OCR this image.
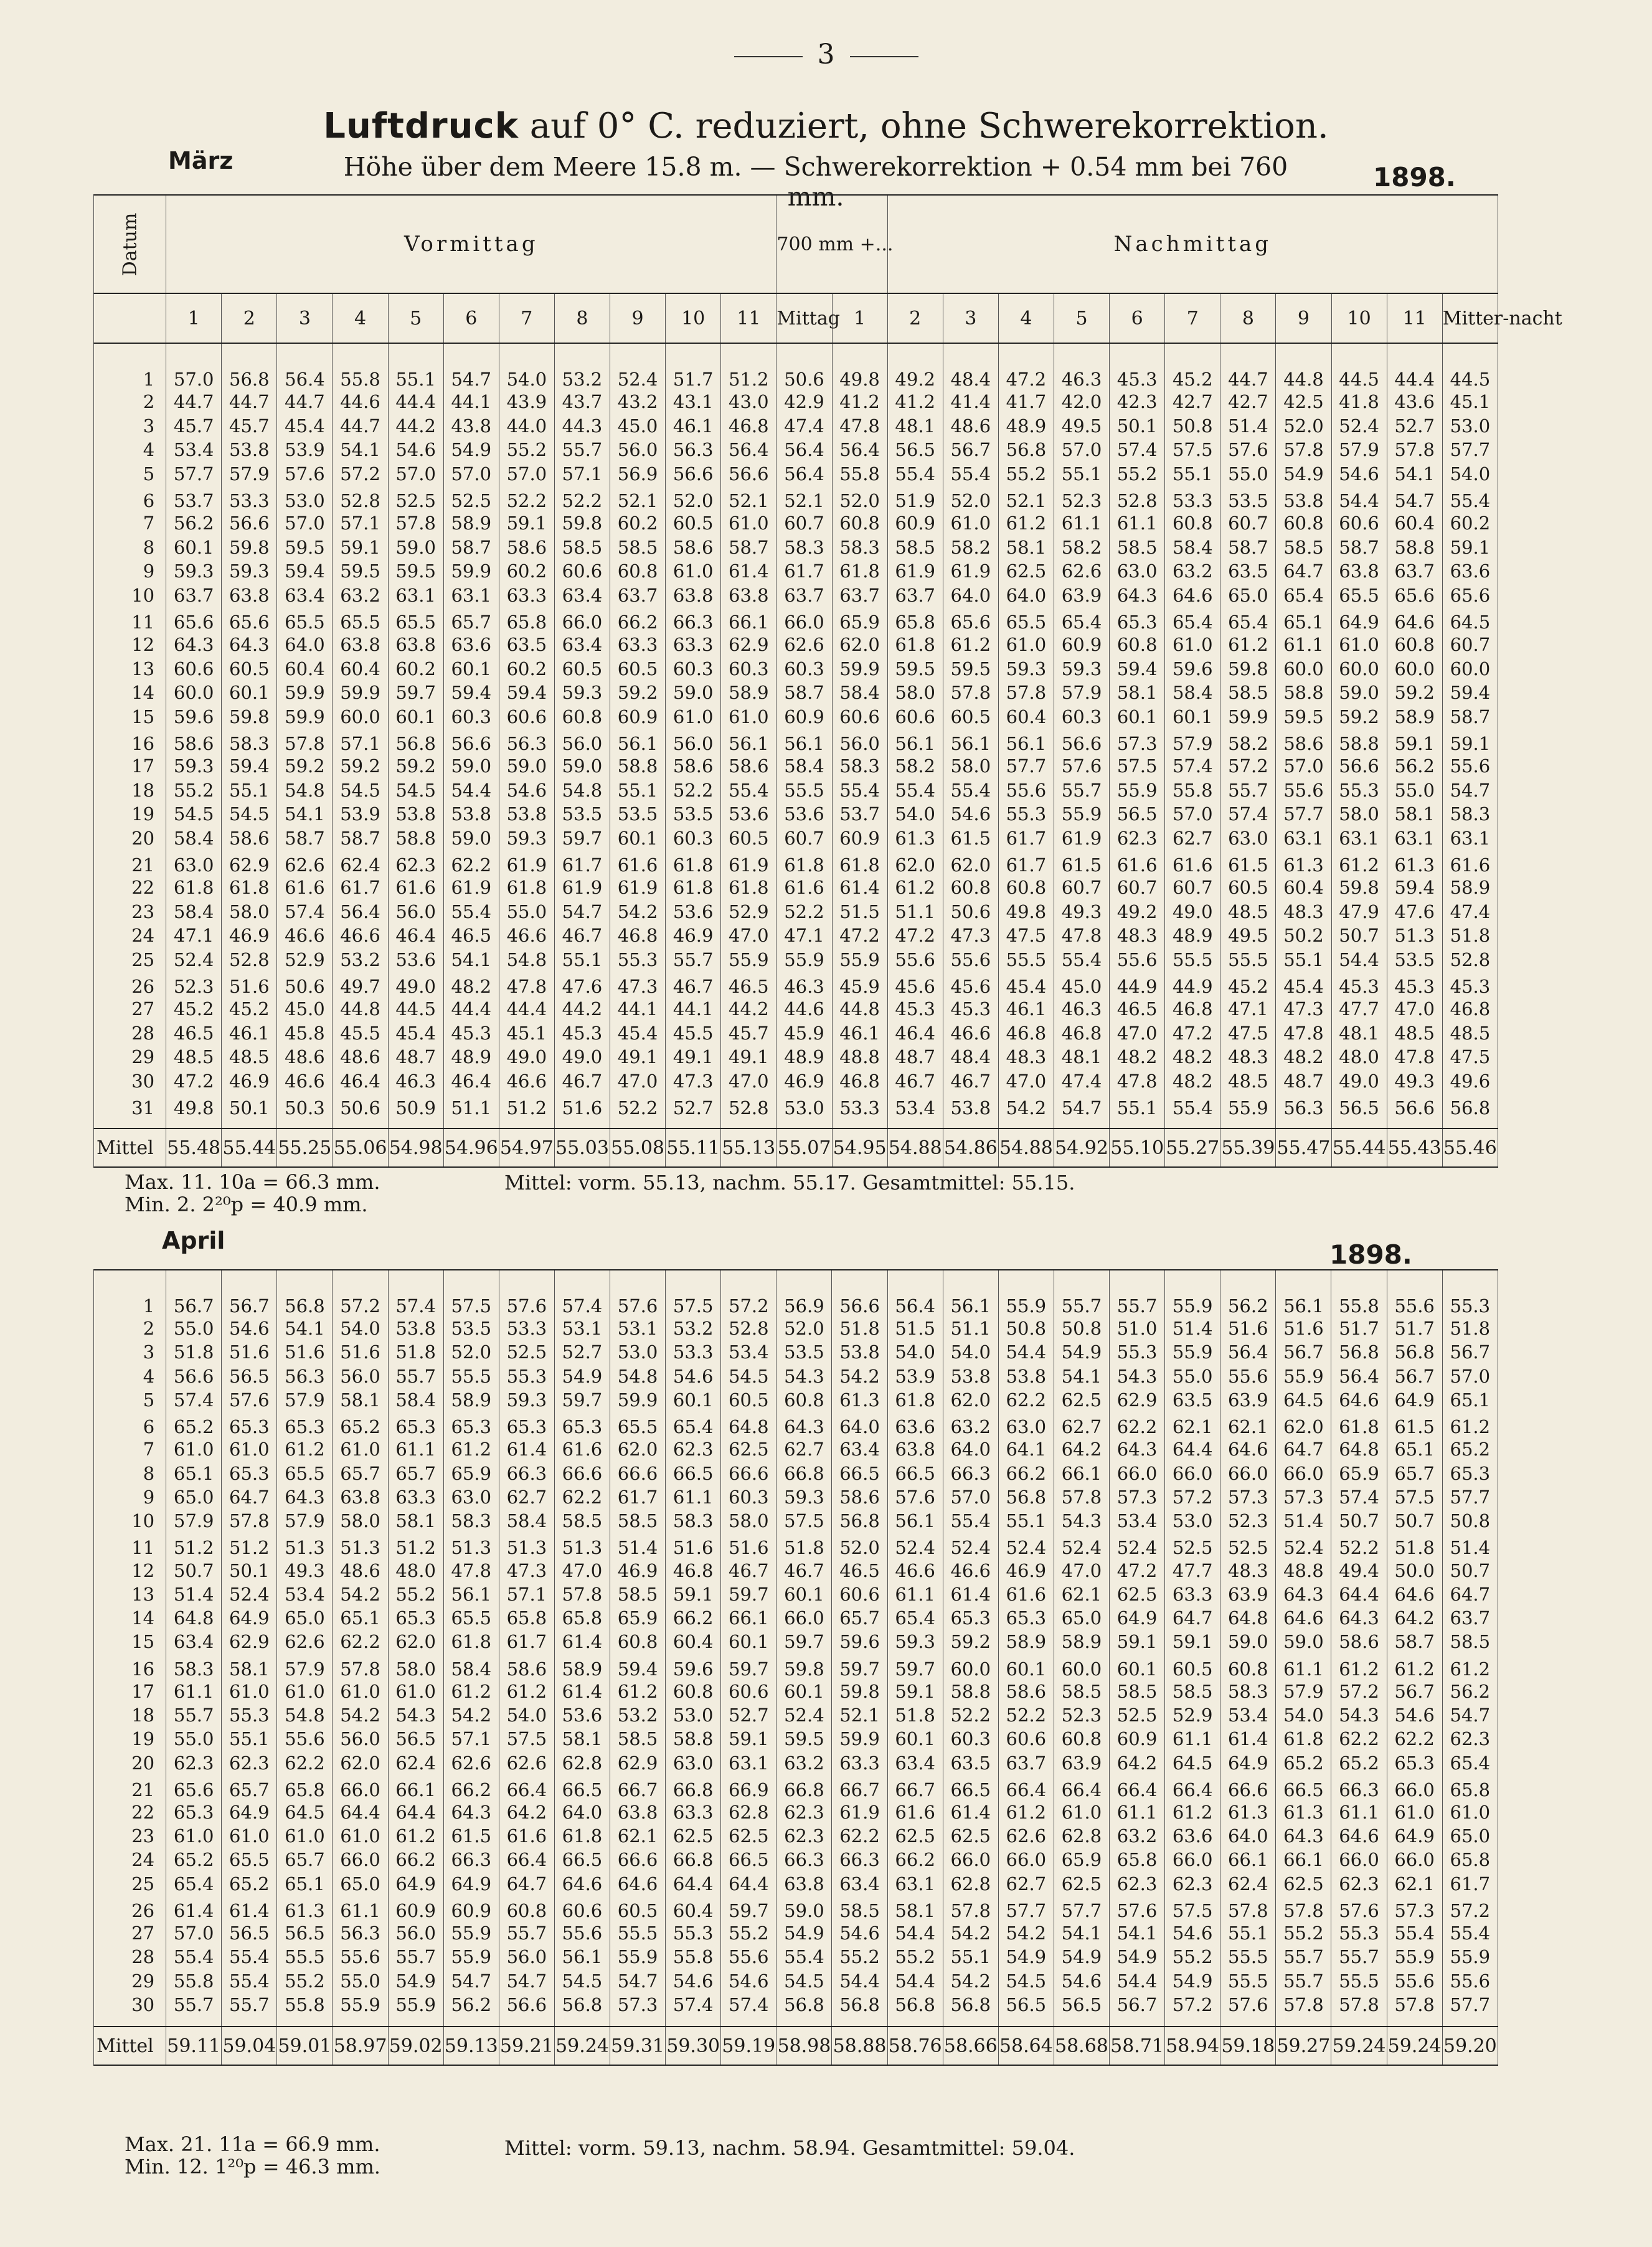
3
Luftdruck auf 0° C. reduziert, ohne Schwerekorrektion.
Höhe über dem Meere 15.8 m. — Schwerekorrektion + 0.54 mm bei 760 mm.
März
1898.
Datum	Vormittag											700 mm +...		Nachmittag										
	1	2	3	4	5	6	7	8	9	10	11	Mittag	1	2	3	4	5	6	7	8	9	10	11	Mitter-nacht
1	57.0	56.8	56.4	55.8	55.1	54.7	54.0	53.2	52.4	51.7	51.2	50.6	49.8	49.2	48.4	47.2	46.3	45.3	45.2	44.7	44.8	44.5	44.4	44.5
2	44.7	44.7	44.7	44.6	44.4	44.1	43.9	43.7	43.2	43.1	43.0	42.9	41.2	41.2	41.4	41.7	42.0	42.3	42.7	42.7	42.5	41.8	43.6	45.1
3	45.7	45.7	45.4	44.7	44.2	43.8	44.0	44.3	45.0	46.1	46.8	47.4	47.8	48.1	48.6	48.9	49.5	50.1	50.8	51.4	52.0	52.4	52.7	53.0
4	53.4	53.8	53.9	54.1	54.6	54.9	55.2	55.7	56.0	56.3	56.4	56.4	56.4	56.5	56.7	56.8	57.0	57.4	57.5	57.6	57.8	57.9	57.8	57.7
5	57.7	57.9	57.6	57.2	57.0	57.0	57.0	57.1	56.9	56.6	56.6	56.4	55.8	55.4	55.4	55.2	55.1	55.2	55.1	55.0	54.9	54.6	54.1	54.0
6	53.7	53.3	53.0	52.8	52.5	52.5	52.2	52.2	52.1	52.0	52.1	52.1	52.0	51.9	52.0	52.1	52.3	52.8	53.3	53.5	53.8	54.4	54.7	55.4
7	56.2	56.6	57.0	57.1	57.8	58.9	59.1	59.8	60.2	60.5	61.0	60.7	60.8	60.9	61.0	61.2	61.1	61.1	60.8	60.7	60.8	60.6	60.4	60.2
8	60.1	59.8	59.5	59.1	59.0	58.7	58.6	58.5	58.5	58.6	58.7	58.3	58.3	58.5	58.2	58.1	58.2	58.5	58.4	58.7	58.5	58.7	58.8	59.1
9	59.3	59.3	59.4	59.5	59.5	59.9	60.2	60.6	60.8	61.0	61.4	61.7	61.8	61.9	61.9	62.5	62.6	63.0	63.2	63.5	64.7	63.8	63.7	63.6
10	63.7	63.8	63.4	63.2	63.1	63.1	63.3	63.4	63.7	63.8	63.8	63.7	63.7	63.7	64.0	64.0	63.9	64.3	64.6	65.0	65.4	65.5	65.6	65.6
11	65.6	65.6	65.5	65.5	65.5	65.7	65.8	66.0	66.2	66.3	66.1	66.0	65.9	65.8	65.6	65.5	65.4	65.3	65.4	65.4	65.1	64.9	64.6	64.5
12	64.3	64.3	64.0	63.8	63.8	63.6	63.5	63.4	63.3	63.3	62.9	62.6	62.0	61.8	61.2	61.0	60.9	60.8	61.0	61.2	61.1	61.0	60.8	60.7
13	60.6	60.5	60.4	60.4	60.2	60.1	60.2	60.5	60.5	60.3	60.3	60.3	59.9	59.5	59.5	59.3	59.3	59.4	59.6	59.8	60.0	60.0	60.0	60.0
14	60.0	60.1	59.9	59.9	59.7	59.4	59.4	59.3	59.2	59.0	58.9	58.7	58.4	58.0	57.8	57.8	57.9	58.1	58.4	58.5	58.8	59.0	59.2	59.4
15	59.6	59.8	59.9	60.0	60.1	60.3	60.6	60.8	60.9	61.0	61.0	60.9	60.6	60.6	60.5	60.4	60.3	60.1	60.1	59.9	59.5	59.2	58.9	58.7
16	58.6	58.3	57.8	57.1	56.8	56.6	56.3	56.0	56.1	56.0	56.1	56.1	56.0	56.1	56.1	56.1	56.6	57.3	57.9	58.2	58.6	58.8	59.1	59.1
17	59.3	59.4	59.2	59.2	59.2	59.0	59.0	59.0	58.8	58.6	58.6	58.4	58.3	58.2	58.0	57.7	57.6	57.5	57.4	57.2	57.0	56.6	56.2	55.6
18	55.2	55.1	54.8	54.5	54.5	54.4	54.6	54.8	55.1	52.2	55.4	55.5	55.4	55.4	55.4	55.6	55.7	55.9	55.8	55.7	55.6	55.3	55.0	54.7
19	54.5	54.5	54.1	53.9	53.8	53.8	53.8	53.5	53.5	53.5	53.6	53.6	53.7	54.0	54.6	55.3	55.9	56.5	57.0	57.4	57.7	58.0	58.1	58.3
20	58.4	58.6	58.7	58.7	58.8	59.0	59.3	59.7	60.1	60.3	60.5	60.7	60.9	61.3	61.5	61.7	61.9	62.3	62.7	63.0	63.1	63.1	63.1	63.1
21	63.0	62.9	62.6	62.4	62.3	62.2	61.9	61.7	61.6	61.8	61.9	61.8	61.8	62.0	62.0	61.7	61.5	61.6	61.6	61.5	61.3	61.2	61.3	61.6
22	61.8	61.8	61.6	61.7	61.6	61.9	61.8	61.9	61.9	61.8	61.8	61.6	61.4	61.2	60.8	60.8	60.7	60.7	60.7	60.5	60.4	59.8	59.4	58.9
23	58.4	58.0	57.4	56.4	56.0	55.4	55.0	54.7	54.2	53.6	52.9	52.2	51.5	51.1	50.6	49.8	49.3	49.2	49.0	48.5	48.3	47.9	47.6	47.4
24	47.1	46.9	46.6	46.6	46.4	46.5	46.6	46.7	46.8	46.9	47.0	47.1	47.2	47.2	47.3	47.5	47.8	48.3	48.9	49.5	50.2	50.7	51.3	51.8
25	52.4	52.8	52.9	53.2	53.6	54.1	54.8	55.1	55.3	55.7	55.9	55.9	55.9	55.6	55.6	55.5	55.4	55.6	55.5	55.5	55.1	54.4	53.5	52.8
26	52.3	51.6	50.6	49.7	49.0	48.2	47.8	47.6	47.3	46.7	46.5	46.3	45.9	45.6	45.6	45.4	45.0	44.9	44.9	45.2	45.4	45.3	45.3	45.3
27	45.2	45.2	45.0	44.8	44.5	44.4	44.4	44.2	44.1	44.1	44.2	44.6	44.8	45.3	45.3	46.1	46.3	46.5	46.8	47.1	47.3	47.7	47.0	46.8
28	46.5	46.1	45.8	45.5	45.4	45.3	45.1	45.3	45.4	45.5	45.7	45.9	46.1	46.4	46.6	46.8	46.8	47.0	47.2	47.5	47.8	48.1	48.5	48.5
29	48.5	48.5	48.6	48.6	48.7	48.9	49.0	49.0	49.1	49.1	49.1	48.9	48.8	48.7	48.4	48.3	48.1	48.2	48.2	48.3	48.2	48.0	47.8	47.5
30	47.2	46.9	46.6	46.4	46.3	46.4	46.6	46.7	47.0	47.3	47.0	46.9	46.8	46.7	46.7	47.0	47.4	47.8	48.2	48.5	48.7	49.0	49.3	49.6
31	49.8	50.1	50.3	50.6	50.9	51.1	51.2	51.6	52.2	52.7	52.8	53.0	53.3	53.4	53.8	54.2	54.7	55.1	55.4	55.9	56.3	56.5	56.6	56.8

Mittel	55.48	55.44	55.25	55.06	54.98	54.96	54.97	55.03	55.08	55.11	55.13	55.07	54.95	54.88	54.86	54.88	54.92	55.10	55.27	55.39	55.47	55.44	55.43	55.46
Max. 11. 10a = 66.3 mm.
Min. 2. 2²⁰p = 40.9 mm.
Mittel: vorm. 55.13, nachm. 55.17. Gesamtmittel: 55.15.
April	1898.
1	56.7	56.7	56.8	57.2	57.4	57.5	57.6	57.4	57.6	57.5	57.2	56.9	56.6	56.4	56.1	55.9	55.7	55.7	55.9	56.2	56.1	55.8	55.6	55.3
2	55.0	54.6	54.1	54.0	53.8	53.5	53.3	53.1	53.1	53.2	52.8	52.0	51.8	51.5	51.1	50.8	50.8	51.0	51.4	51.6	51.6	51.7	51.7	51.8
3	51.8	51.6	51.6	51.6	51.8	52.0	52.5	52.7	53.0	53.3	53.4	53.5	53.8	54.0	54.0	54.4	54.9	55.3	55.9	56.4	56.7	56.8	56.8	56.7
4	56.6	56.5	56.3	56.0	55.7	55.5	55.3	54.9	54.8	54.6	54.5	54.3	54.2	53.9	53.8	53.8	54.1	54.3	55.0	55.6	55.9	56.4	56.7	57.0
5	57.4	57.6	57.9	58.1	58.4	58.9	59.3	59.7	59.9	60.1	60.5	60.8	61.3	61.8	62.0	62.2	62.5	62.9	63.5	63.9	64.5	64.6	64.9	65.1
6	65.2	65.3	65.3	65.2	65.3	65.3	65.3	65.3	65.5	65.4	64.8	64.3	64.0	63.6	63.2	63.0	62.7	62.2	62.1	62.1	62.0	61.8	61.5	61.2
7	61.0	61.0	61.2	61.0	61.1	61.2	61.4	61.6	62.0	62.3	62.5	62.7	63.4	63.8	64.0	64.1	64.2	64.3	64.4	64.6	64.7	64.8	65.1	65.2
8	65.1	65.3	65.5	65.7	65.7	65.9	66.3	66.6	66.6	66.5	66.6	66.8	66.5	66.5	66.3	66.2	66.1	66.0	66.0	66.0	66.0	65.9	65.7	65.3
9	65.0	64.7	64.3	63.8	63.3	63.0	62.7	62.2	61.7	61.1	60.3	59.3	58.6	57.6	57.0	56.8	57.8	57.3	57.2	57.3	57.3	57.4	57.5	57.7
10	57.9	57.8	57.9	58.0	58.1	58.3	58.4	58.5	58.5	58.3	58.0	57.5	56.8	56.1	55.4	55.1	54.3	53.4	53.0	52.3	51.4	50.7	50.7	50.8
11	51.2	51.2	51.3	51.3	51.2	51.3	51.3	51.3	51.4	51.6	51.6	51.8	52.0	52.4	52.4	52.4	52.4	52.4	52.5	52.5	52.4	52.2	51.8	51.4
12	50.7	50.1	49.3	48.6	48.0	47.8	47.3	47.0	46.9	46.8	46.7	46.7	46.5	46.6	46.6	46.9	47.0	47.2	47.7	48.3	48.8	49.4	50.0	50.7
13	51.4	52.4	53.4	54.2	55.2	56.1	57.1	57.8	58.5	59.1	59.7	60.1	60.6	61.1	61.4	61.6	62.1	62.5	63.3	63.9	64.3	64.4	64.6	64.7
14	64.8	64.9	65.0	65.1	65.3	65.5	65.8	65.8	65.9	66.2	66.1	66.0	65.7	65.4	65.3	65.3	65.0	64.9	64.7	64.8	64.6	64.3	64.2	63.7
15	63.4	62.9	62.6	62.2	62.0	61.8	61.7	61.4	60.8	60.4	60.1	59.7	59.6	59.3	59.2	58.9	58.9	59.1	59.1	59.0	59.0	58.6	58.7	58.5
16	58.3	58.1	57.9	57.8	58.0	58.4	58.6	58.9	59.4	59.6	59.7	59.8	59.7	59.7	60.0	60.1	60.0	60.1	60.5	60.8	61.1	61.2	61.2	61.2
17	61.1	61.0	61.0	61.0	61.0	61.2	61.2	61.4	61.2	60.8	60.6	60.1	59.8	59.1	58.8	58.6	58.5	58.5	58.5	58.3	57.9	57.2	56.7	56.2
18	55.7	55.3	54.8	54.2	54.3	54.2	54.0	53.6	53.2	53.0	52.7	52.4	52.1	51.8	52.2	52.2	52.3	52.5	52.9	53.4	54.0	54.3	54.6	54.7
19	55.0	55.1	55.6	56.0	56.5	57.1	57.5	58.1	58.5	58.8	59.1	59.5	59.9	60.1	60.3	60.6	60.8	60.9	61.1	61.4	61.8	62.2	62.2	62.3
20	62.3	62.3	62.2	62.0	62.4	62.6	62.6	62.8	62.9	63.0	63.1	63.2	63.3	63.4	63.5	63.7	63.9	64.2	64.5	64.9	65.2	65.2	65.3	65.4
21	65.6	65.7	65.8	66.0	66.1	66.2	66.4	66.5	66.7	66.8	66.9	66.8	66.7	66.7	66.5	66.4	66.4	66.4	66.4	66.6	66.5	66.3	66.0	65.8
22	65.3	64.9	64.5	64.4	64.4	64.3	64.2	64.0	63.8	63.3	62.8	62.3	61.9	61.6	61.4	61.2	61.0	61.1	61.2	61.3	61.3	61.1	61.0	61.0
23	61.0	61.0	61.0	61.0	61.2	61.5	61.6	61.8	62.1	62.5	62.5	62.3	62.2	62.5	62.5	62.6	62.8	63.2	63.6	64.0	64.3	64.6	64.9	65.0
24	65.2	65.5	65.7	66.0	66.2	66.3	66.4	66.5	66.6	66.8	66.5	66.3	66.3	66.2	66.0	66.0	65.9	65.8	66.0	66.1	66.1	66.0	66.0	65.8
25	65.4	65.2	65.1	65.0	64.9	64.9	64.7	64.6	64.6	64.4	64.4	63.8	63.4	63.1	62.8	62.7	62.5	62.3	62.3	62.4	62.5	62.3	62.1	61.7
26	61.4	61.4	61.3	61.1	60.9	60.9	60.8	60.6	60.5	60.4	59.7	59.0	58.5	58.1	57.8	57.7	57.7	57.6	57.5	57.8	57.8	57.6	57.3	57.2
27	57.0	56.5	56.5	56.3	56.0	55.9	55.7	55.6	55.5	55.3	55.2	54.9	54.6	54.4	54.2	54.2	54.1	54.1	54.6	55.1	55.2	55.3	55.4	55.4
28	55.4	55.4	55.5	55.6	55.7	55.9	56.0	56.1	55.9	55.8	55.6	55.4	55.2	55.2	55.1	54.9	54.9	54.9	55.2	55.5	55.7	55.7	55.9	55.9
29	55.8	55.4	55.2	55.0	54.9	54.7	54.7	54.5	54.7	54.6	54.6	54.5	54.4	54.4	54.2	54.5	54.6	54.4	54.9	55.5	55.7	55.5	55.6	55.6
30	55.7	55.7	55.8	55.9	55.9	56.2	56.6	56.8	57.3	57.4	57.4	56.8	56.8	56.8	56.8	56.5	56.5	56.7	57.2	57.6	57.8	57.8	57.8	57.7

Mittel	59.11	59.04	59.01	58.97	59.02	59.13	59.21	59.24	59.31	59.30	59.19	58.98	58.88	58.76	58.66	58.64	58.68	58.71	58.94	59.18	59.27	59.24	59.24	59.20
Max. 21. 11a = 66.9 mm.
Min. 12. 1²⁰p = 46.3 mm.
Mittel: vorm. 59.13, nachm. 58.94. Gesamtmittel: 59.04.
